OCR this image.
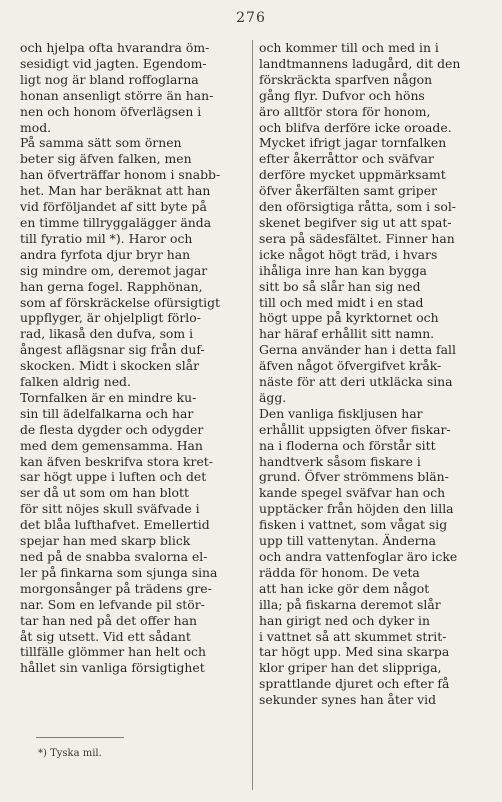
276

och hjelpa ofta hvarandra öm-

sesidigt vid jagten. Egendom-

ligt nog är bland roffoglarna

honan ansenligt större än han-

nen och honom öfverlägsen i

mod.

På samma sätt som örnen

beter sig äfven falken, men

han öfverträffar honom i snabb-

het. Man har beräknat att han

vid förföljandet af sitt byte på

en timme tillryggalägger ända

till fyratio mil *). Haror och

andra fyrfota djur bryr han

sig mindre om, deremot jagar

han gerna fogel. Rapphönan,

som af förskräckelse ofürsigtigt

uppflyger, är ohjelpligt förlo-

rad, likaså den dufva, som i

ångest aflägsnar sig från duf-

skocken. Midt i skocken slår

falken aldrig ned.

Tornfalken är en mindre ku-

sin till ädelfalkarna och har

de flesta dygder och odygder

med dem gemensamma. Han

kan äfven beskrifva stora kret-

sar högt uppe i luften och det

ser då ut som om han blott

för sitt nöjes skull sväfvade i

det blåa lufthafvet. Emellertid

spejar han med skarp blick

ned på de snabba svalorna el-

ler på finkarna som sjunga sina

morgonsånger på trädens gre-

nar. Som en lefvande pil stör-

tar han ned på det offer han

åt sig utsett. Vid ett sådant

tillfälle glömmer han helt och

hållet sin vanliga försigtighet

och kommer till och med in i

landtmannens ladugård, dit den

förskräckta sparfven någon

gång flyr. Dufvor och höns

äro alltför stora för honom,

och blifva derföre icke oroade.

Mycket ifrigt jagar tornfalken

efter åkerråttor och sväfvar

derföre mycket uppmärksamt

öfver åkerfälten samt griper

den oförsigtiga råtta, som i sol-

skenet begifver sig ut att spat-

sera på sädesfältet. Finner han

icke något högt träd, i hvars

ihåliga inre han kan bygga

sitt bo så slår han sig ned

till och med midt i en stad

högt uppe på kyrktornet och

har häraf erhållit sitt namn.

Gerna använder han i detta fall

äfven något öfvergifvet kråk-

näste för att deri utkläcka sina

ägg.

Den vanliga fiskljusen har

erhållit uppsigten öfver fiskar-

na i floderna och förstår sitt

handtverk såsom fiskare i

grund. Öfver strömmens blän-

kande spegel sväfvar han och

upptäcker från höjden den lilla

fisken i vattnet, som vågat sig

upp till vattenytan. Änderna

och andra vattenfoglar äro icke

rädda för honom. De veta

att han icke gör dem något

illa; på fiskarna deremot slår

han girigt ned och dyker in

i vattnet så att skummet strit-

tar högt upp. Med sina skarpa

klor griper han det slippriga,

sprattlande djuret och efter få

sekunder synes han åter vid

*) Tyska mil.
